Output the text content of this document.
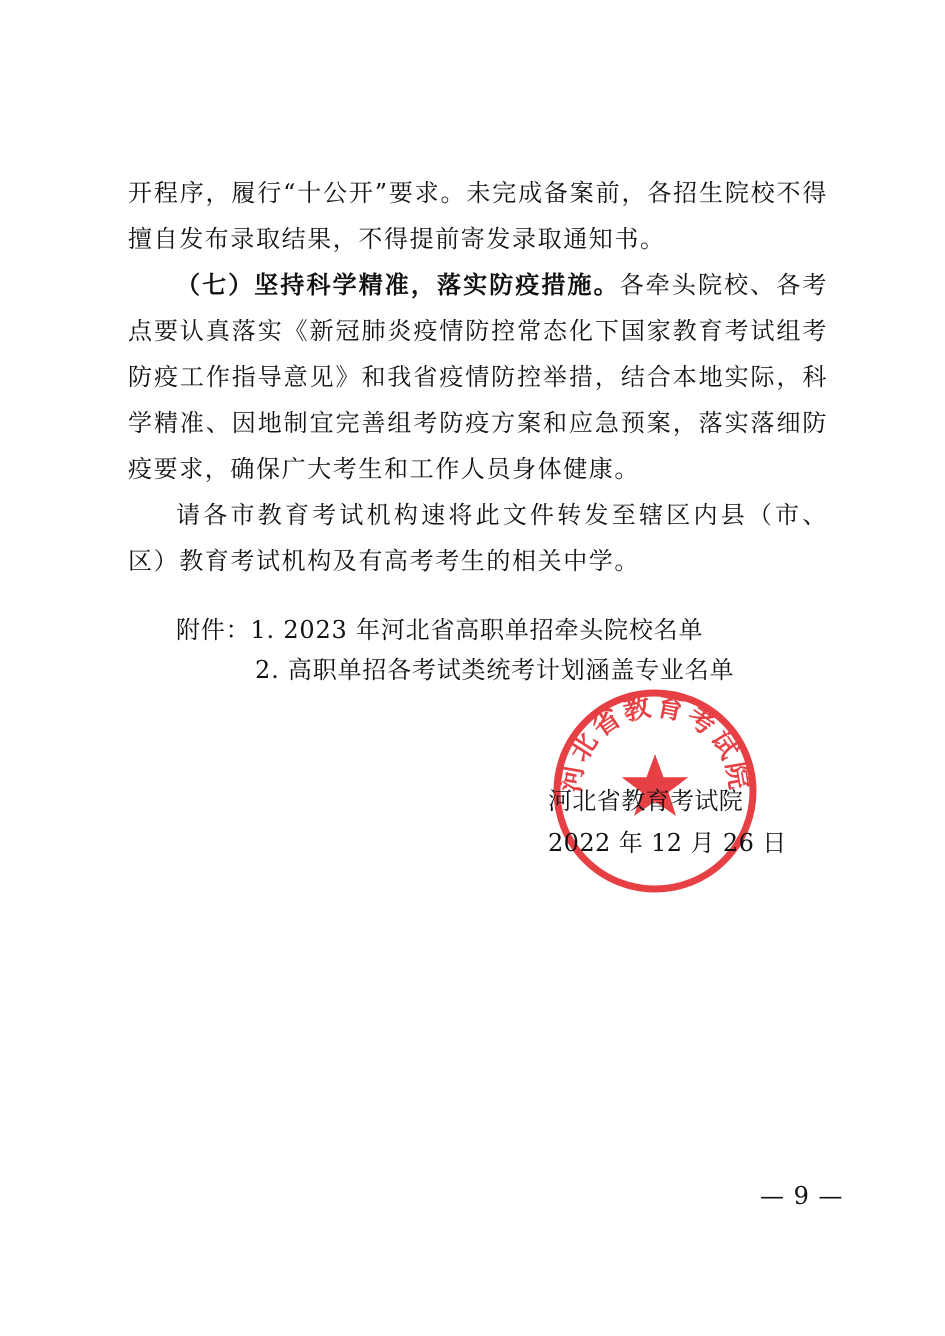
开程序，履行“十公开”要求。未完成备案前，各招生院校不得擅自发布录取结果，不得提前寄发录取通知书。

（七）坚持科学精准，落实防疫措施。各牵头院校、各考点要认真落实《新冠肺炎疫情防控常态化下国家教育考试组考防疫工作指导意见》和我省疫情防控举措，结合本地实际，科学精准、因地制宜完善组考防疫方案和应急预案，落实落细防疫要求，确保广大考生和工作人员身体健康。

请各市教育考试机构速将此文件转发至辖区内县（市、区）教育考试机构及有高考考生的相关中学。

附件：1. 2023 年河北省高职单招牵头院校名单
2. 高职单招各考试类统考计划涵盖专业名单
河北省教育考试院
河北省教育考试院
2022 年 12 月 26 日
— 9 —
